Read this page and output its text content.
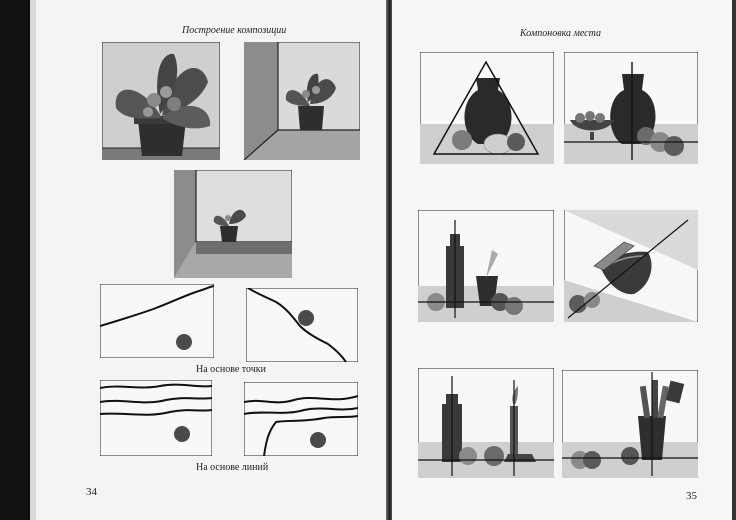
Построение композиции
На основе точки
На основе линий
34
Компоновка места
35
